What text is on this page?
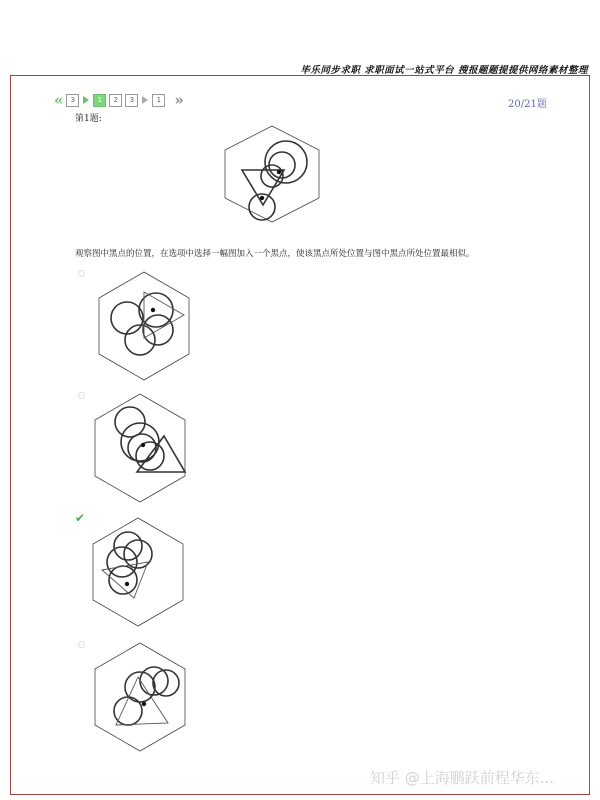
毕乐同步求职 求职面试一站式平台 搜报题题提提供网络素材整理
«	3	1	2	3	1 »	20/21题
第1题:
观察图中黑点的位置，在选项中选择一幅图加入一个黑点，使该黑点所处位置与图中黑点所处位置最相似。
✔
知乎 @上海鹏跃前程华东...
